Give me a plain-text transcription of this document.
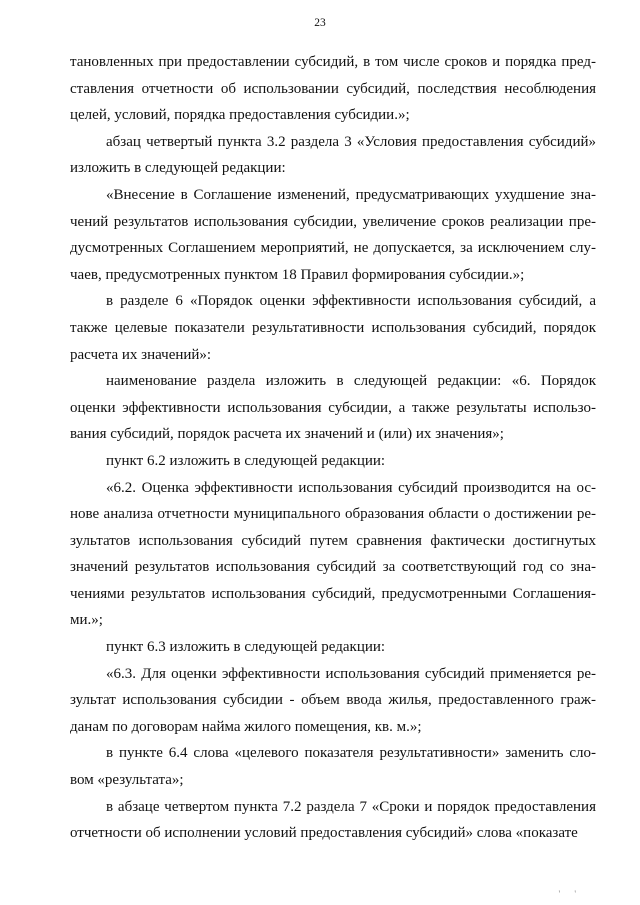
23

тановленных при предоставлении субсидий, в том числе сроков и порядка представления отчетности об использовании субсидий, последствия несоблюдения целей, условий, порядка предоставления субсидии.»;

абзац четвертый пункта 3.2 раздела 3 «Условия предоставления субсидий» изложить в следующей редакции:

«Внесение в Соглашение изменений, предусматривающих ухудшение значений результатов использования субсидии, увеличение сроков реализации предусмотренных Соглашением мероприятий, не допускается, за исключением случаев, предусмотренных пунктом 18 Правил формирования субсидии.»;

в разделе 6 «Порядок оценки эффективности использования субсидий, а также целевые показатели результативности использования субсидий, порядок расчета их значений»:

наименование раздела изложить в следующей редакции: «6. Порядок оценки эффективности использования субсидии, а также результаты использования субсидий, порядок расчета их значений и (или) их значения»;

пункт 6.2 изложить в следующей редакции:

«6.2. Оценка эффективности использования субсидий производится на основе анализа отчетности муниципального образования области о достижении результатов использования субсидий путем сравнения фактически достигнутых значений результатов использования субсидий за соответствующий год со значениями результатов использования субсидий, предусмотренными Соглашениями.»;

пункт 6.3 изложить в следующей редакции:

«6.3. Для оценки эффективности использования субсидий применяется результат использования субсидии - объем ввода жилья, предоставленного гражданам по договорам найма жилого помещения, кв. м.»;

в пункте 6.4 слова «целевого показателя результативности» заменить словом «результата»;

в абзаце четвертом пункта 7.2 раздела 7 «Сроки и порядок предоставления отчетности об исполнении условий предоставления субсидий» слова «показате

' '
